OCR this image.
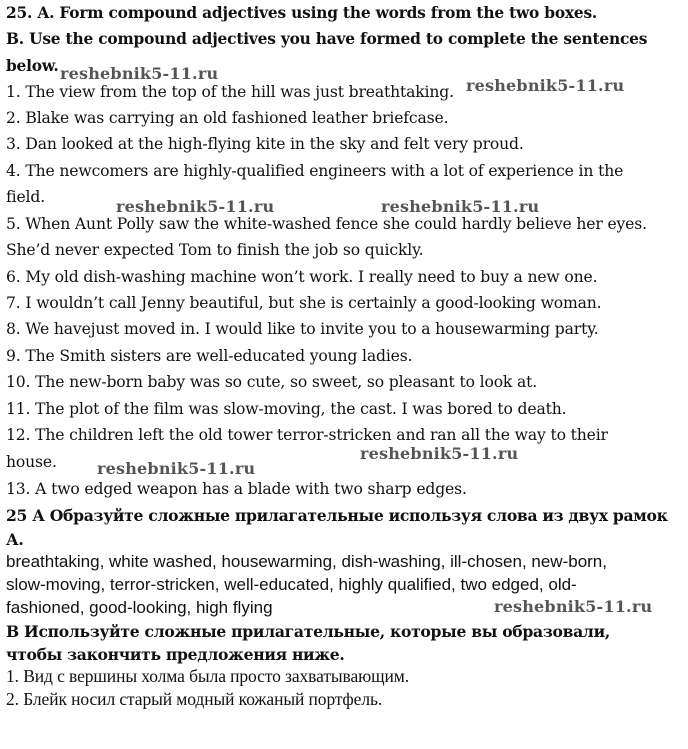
25. A. Form compound adjectives using the words from the two boxes.
B. Use the compound adjectives you have formed to complete the sentences
below.
1. The view from the top of the hill was just breathtaking.
2. Blake was carrying an old fashioned leather briefcase.
3. Dan looked at the high-flying kite in the sky and felt very proud.
4. The newcomers are highly-qualified engineers with a lot of experience in the
field.
5. When Aunt Polly saw the white-washed fence she could hardly believe her eyes.
She’d never expected Tom to finish the job so quickly.
6. My old dish-washing machine won’t work. I really need to buy a new one.
7. I wouldn’t call Jenny beautiful, but she is certainly a good-looking woman.
8. We havejust moved in. I would like to invite you to a housewarming party.
9. The Smith sisters are well-educated young ladies.
10. The new-born baby was so cute, so sweet, so pleasant to look at.
11. The plot of the film was slow-moving, the cast. I was bored to death.
12. The children left the old tower terror-stricken and ran all the way to their
house.
13. A two edged weapon has a blade with two sharp edges.
25 А Образуйте сложные прилагательные используя слова из двух рамок
А.
breathtaking, white washed, housewarming, dish-washing, ill-chosen, new-born,
slow-moving, terror-stricken, well-educated, highly qualified, two edged, old-
fashioned, good-looking, high flying
В Используйте сложные прилагательные, которые вы образовали,
чтобы закончить предложения ниже.
1. Вид с вершины холма была просто захватывающим.
2. Блейк носил старый модный кожаный портфель.
reshebnik5-11.ru
reshebnik5-11.ru
reshebnik5-11.ru	reshebnik5-11.ru
reshebnik5-11.ru
reshebnik5-11.ru
reshebnik5-11.ru
